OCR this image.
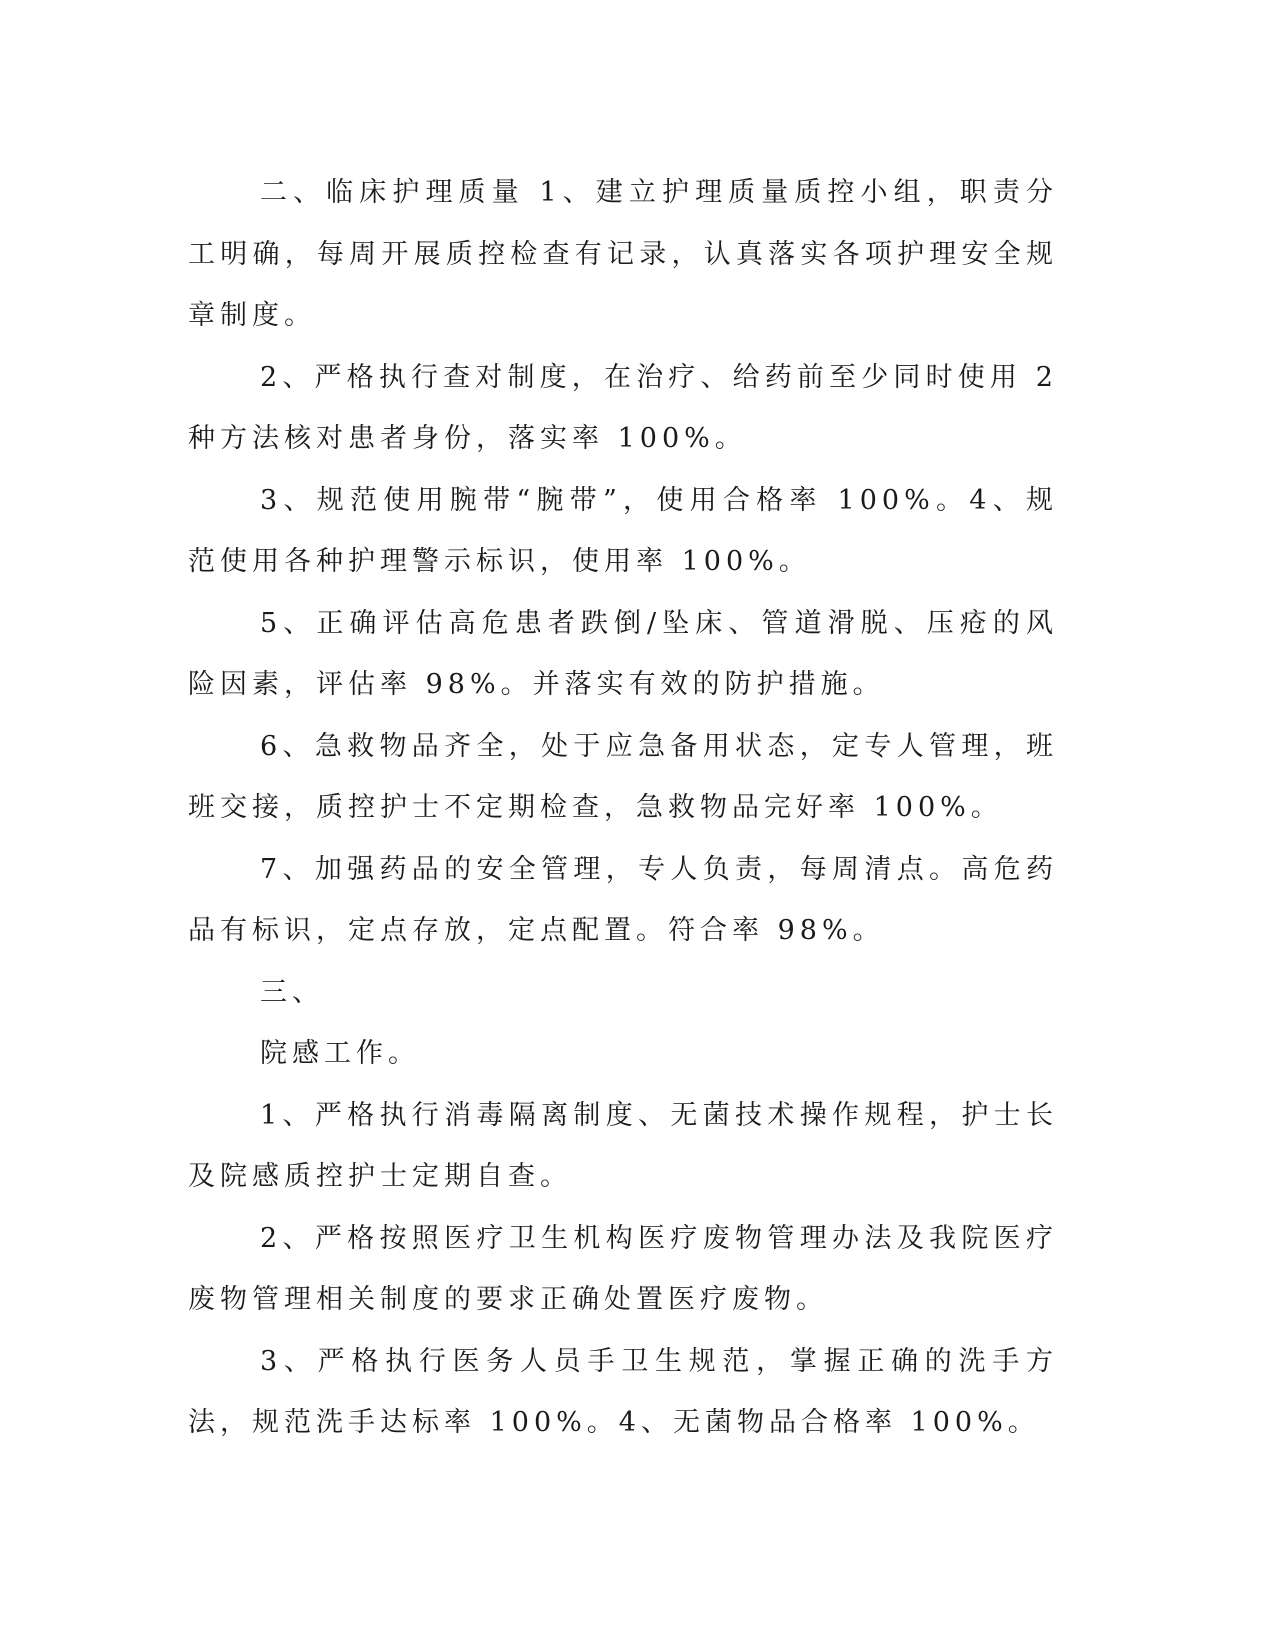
二、临床护理质量 1、建立护理质量质控小组，职责分工明确，每周开展质控检查有记录，认真落实各项护理安全规章制度。

2、严格执行查对制度，在治疗、给药前至少同时使用 2 种方法核对患者身份，落实率 100%。

3、规范使用腕带“腕带”，使用合格率 100%。4、规范使用各种护理警示标识，使用率 100%。

5、正确评估高危患者跌倒/坠床、管道滑脱、压疮的风险因素，评估率 98%。并落实有效的防护措施。

6、急救物品齐全，处于应急备用状态，定专人管理，班班交接，质控护士不定期检查，急救物品完好率 100%。

7、加强药品的安全管理，专人负责，每周清点。高危药品有标识，定点存放，定点配置。符合率 98%。

三、

院感工作。

1、严格执行消毒隔离制度、无菌技术操作规程，护士长及院感质控护士定期自查。

2、严格按照医疗卫生机构医疗废物管理办法及我院医疗废物管理相关制度的要求正确处置医疗废物。

3、严格执行医务人员手卫生规范，掌握正确的洗手方法，规范洗手达标率 100%。4、无菌物品合格率 100%。
